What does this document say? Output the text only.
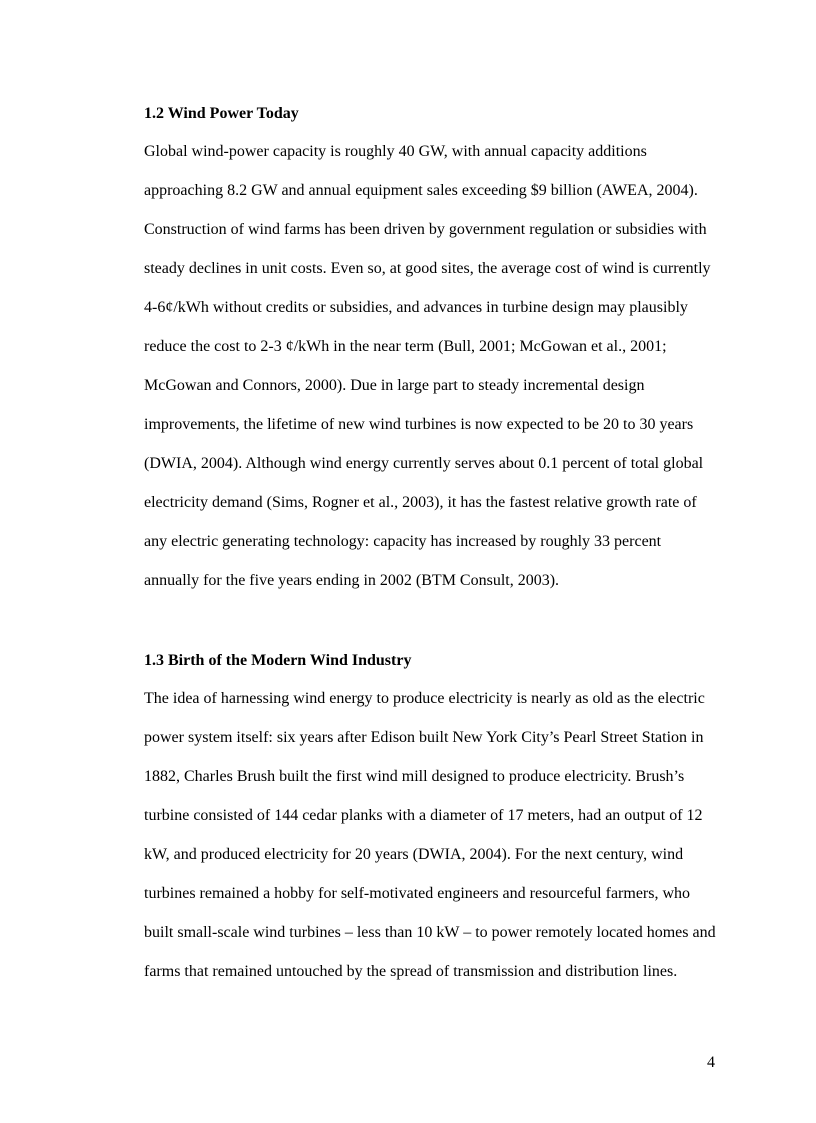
1.2 Wind Power Today

Global wind-power capacity is roughly 40 GW, with annual capacity additions

approaching 8.2 GW and annual equipment sales exceeding $9 billion (AWEA, 2004).

Construction of wind farms has been driven by government regulation or subsidies with

steady declines in unit costs. Even so, at good sites, the average cost of wind is currently

4-6¢/kWh without credits or subsidies, and advances in turbine design may plausibly

reduce the cost to 2-3 ¢/kWh in the near term (Bull, 2001; McGowan et al., 2001;

McGowan and Connors, 2000). Due in large part to steady incremental design

improvements, the lifetime of new wind turbines is now expected to be 20 to 30 years

(DWIA, 2004). Although wind energy currently serves about 0.1 percent of total global

electricity demand (Sims, Rogner et al., 2003), it has the fastest relative growth rate of

any electric generating technology: capacity has increased by roughly 33 percent

annually for the five years ending in 2002 (BTM Consult, 2003).

1.3 Birth of the Modern Wind Industry

The idea of harnessing wind energy to produce electricity is nearly as old as the electric

power system itself: six years after Edison built New York City’s Pearl Street Station in

1882, Charles Brush built the first wind mill designed to produce electricity. Brush’s

turbine consisted of 144 cedar planks with a diameter of 17 meters, had an output of 12

kW, and produced electricity for 20 years (DWIA, 2004). For the next century, wind

turbines remained a hobby for self-motivated engineers and resourceful farmers, who

built small-scale wind turbines – less than 10 kW – to power remotely located homes and

farms that remained untouched by the spread of transmission and distribution lines.

4
